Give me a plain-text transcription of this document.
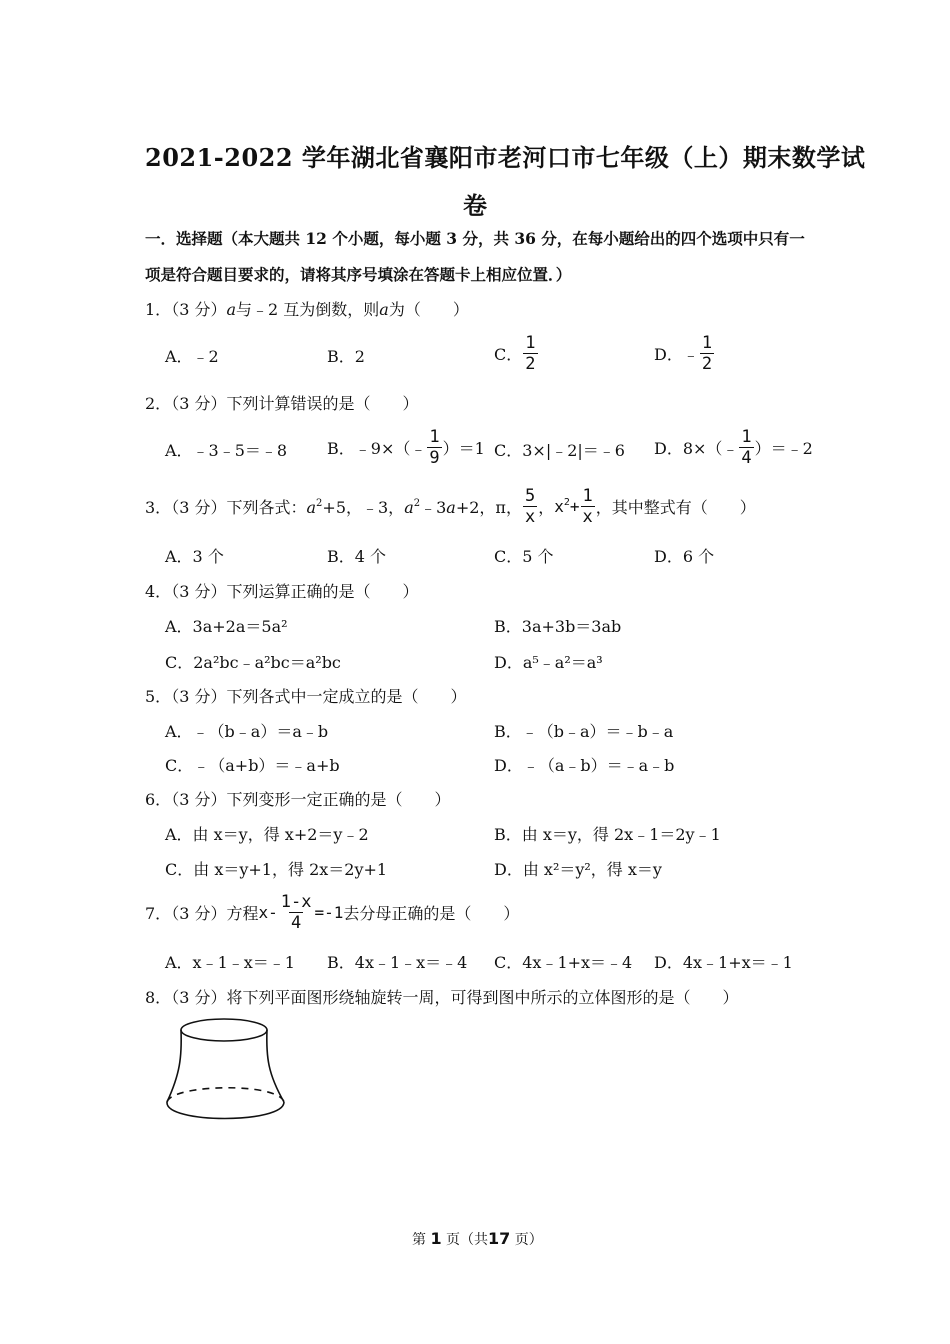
2021-2022 学年湖北省襄阳市老河口市七年级（上）期末数学试
卷
一．选择题（本大题共 12 个小题，每小题 3 分，共 36 分，在每小题给出的四个选项中只有一
项是符合题目要求的，请将其序号填涂在答题卡上相应位置．）
1．（3 分）a与﹣2 互为倒数，则a为（　　）
A．﹣2	B．2	C． $\frac{1}{2}$	D．﹣ $\frac{1}{2}$
2．（3 分）下列计算错误的是（　　）
A．﹣3﹣5＝﹣8 B．﹣9×（﹣ $\frac{1}{9} )=1$ C．3×|﹣2|＝﹣6 D．8×（﹣ $\frac{1}{4}$ ）＝﹣2
3．（3 分）下列各式：$a^2+5$，﹣3，$a^2﹣3a+2$，π， $\frac{5}{x}$ ，$x^2+ \frac{1}{x}$ ，其中整式有（　　）
A．3 个	B．4 个	C．5 个	D．6 个
4．（3 分）下列运算正确的是（　　）
A．3a+2a＝5a²	B．3a+3b＝3ab
C．2a²bc﹣a²bc＝a²bc	D．a⁵﹣a²＝a³
5．（3 分）下列各式中一定成立的是（　　）
A．﹣（b﹣a）＝a﹣b	B．﹣（b﹣a）＝﹣b﹣a
C．﹣（a+b）＝﹣a+b	D．﹣（a﹣b）＝﹣a﹣b
6．（3 分）下列变形一定正确的是（　　）
A．由 x＝y，得 x+2＝y﹣2	B．由 x＝y，得 2x﹣1＝2y﹣1
C．由 x＝y+1，得 2x＝2y+1	D．由 x²＝y²，得 x＝y
7．（3 分）方程$x- \frac{1-x}{4} =-1$去分母正确的是（　　）
A．x﹣1﹣x＝﹣1 B．4x﹣1﹣x＝﹣4 C．4x﹣1+x＝﹣4 D．4x﹣1+x＝﹣1
8．（3 分）将下列平面图形绕轴旋转一周，可得到图中所示的立体图形的是（　　）
第 1 页（共17 页）
